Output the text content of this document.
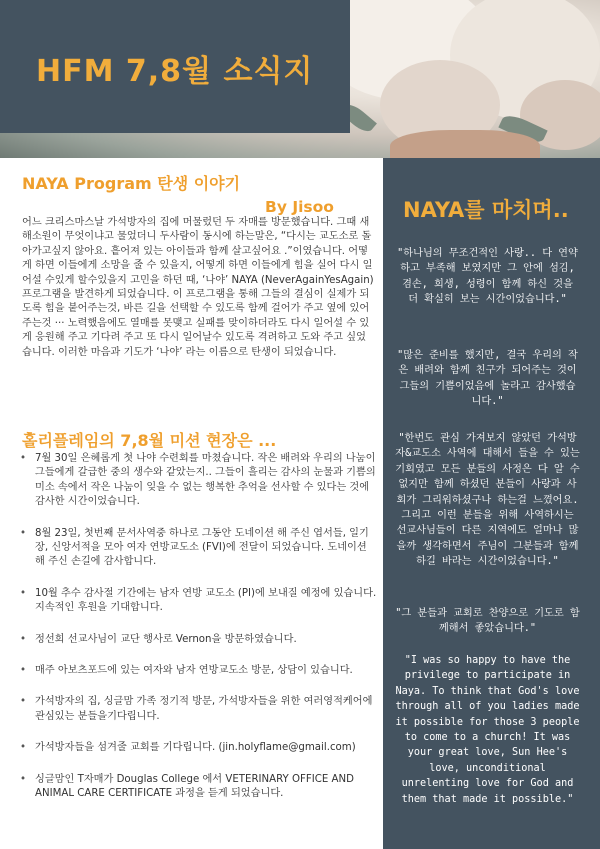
HFM 7,8월 소식지
NAYA Program 탄생 이야기

By Jisoo

어느 크리스마스날 가석방자의 집에 머물렀던 두 자매를 방문했습니다. 그때 새해소원이 무엇이냐고 물었더니 두사람이 동시에 하는말은, “다시는 교도소로 돌아가고싶지 않아요. 흩어져 있는 아이들과 함께 살고싶어요 .”이였습니다. 어떻게 하면 이들에게 소망을 줄 수 있을지, 어떻게 하면 이들에게 힘을 실어 다시 일어설 수있게 할수있을지 고민을 하던 때, ‘나야’ NAYA (NeverAgainYesAgain) 프로그램을 발견하게 되었습니다. 이 프로그램을 통해 그들의 결심이 실제가 되도록 힘을 붙어주는것, 바른 길을 선택할 수 있도록 함께 걸어가 주고 옆에 있어주는것 ··· 노력했음에도 열매를 못맺고 실패를 맞이하더라도 다시 일어설 수 있게 응원해 주고 기다려 주고 또 다시 일어날수 있도록 격려하고 도와 주고 싶었습니다. 이러한 마음과 기도가 ‘나야’ 라는 이름으로 탄생이 되었습니다.

홀리플레임의 7,8월 미션 현장은 ...
• 7월 30일 은혜롭게 첫 나야 수련회를 마쳤습니다. 작은 배려와 우리의 나눔이 그들에게 갈급한 중의 생수와 같았는지.. 그들이 흘리는 감사의 눈물과 기쁨의 미소 속에서 작은 나눔이 잊을 수 없는 행복한 추억을 선사할 수 있다는 것에 감사한 시간이었습니다.
• 8월 23일, 첫번째 문서사역중 하나로 그동안 도네이션 해 주신 엽서들, 일기장, 신앙서적을 모아 여자 연방교도소 (FVI)에 전달이 되었습니다. 도네이션 해 주신 손길에 감사합니다.
• 10월 추수 감사절 기간에는 남자 연방 교도소 (PI)에 보내질 예정에 있습니다. 지속적인 후원을 기대합니다.
• 정선희 선교사님이 교단 행사로 Vernon을 방문하였습니다.
• 매주 아보츠포드에 있는 여자와 남자 연방교도소 방문, 상담이 있습니다.
• 가석방자의 집, 싱글맘 가족 정기적 방문, 가석방자들을 위한 여러영적케어에 관심있는 분들을기다립니다.
• 가석방자들을 섬겨줄 교회를 기다립니다. (jin.holyflame@gmail.com)
• 싱글맘인 T자매가 Douglas College 에서 VETERINARY OFFICE AND ANIMAL CARE CERTIFICATE 과정을 듣게 되었습니다.
NAYA를 마치며..

"하나님의 무조건적인 사랑.. 다 연약하고 부족해 보였지만 그 안에 섬김, 겸손, 희생, 성령이 함께 하신 것을 더 확실히 보는 시간이었습니다."

"많은 준비를 했지만, 결국 우리의 작은 배려와 함께 친구가 되어주는 것이 그들의 기쁨이었음에 놀라고 감사했습니다."

"한번도 관심 가져보지 않았던 가석방자&교도소 사역에 대해서 들을 수 있는 기회였고 모든 분들의 사정은 다 알 수 없지만 함께 하셨던 분들이 사랑과 사회가 그리워하셨구나 하는걸 느꼈어요. 그리고 이런 분들을 위해 사역하시는 선교사님들이 다른 지역에도 얼마나 많을까 생각하면서 주님이 그분들과 함께하길 바라는 시간이었습니다."

"그 분들과 교회로 찬양으로 기도로 함께해서 좋았습니다."

"I was so happy to have the privilege to participate in Naya. To think that God's love through all of you ladies made it possible for those 3 people to come to a church! It was your great love, Sun Hee's love, unconditional unrelenting love for God and them that made it possible."
